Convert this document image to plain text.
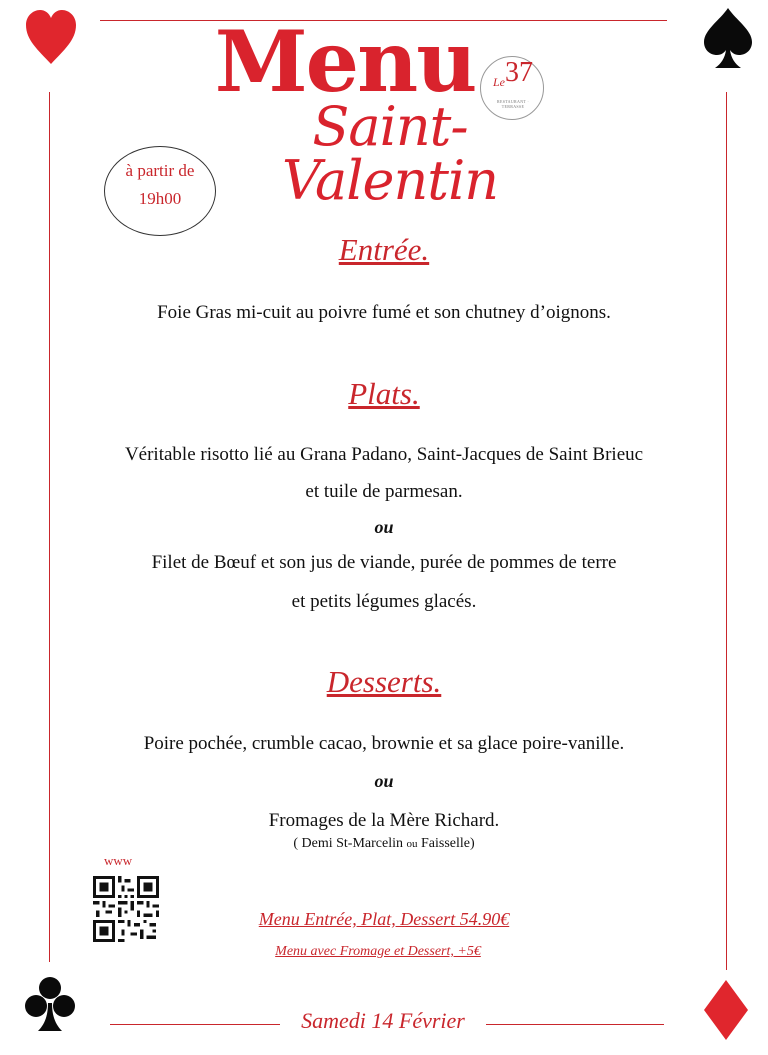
Menu
Saint-Valentin
Le 37
RESTAURANT · TERRASSE
à partir de
19h00
Entrée.
Foie Gras mi-cuit au poivre fumé et son chutney d’oignons.
Plats.
Véritable risotto lié au Grana Padano, Saint-Jacques de Saint Brieuc
et tuile de parmesan.
ou
Filet de Bœuf et son jus de viande, purée de pommes de terre
et petits légumes glacés.
Desserts.
Poire pochée, crumble cacao, brownie et sa glace poire-vanille.
ou
Fromages de la Mère Richard.
( Demi St-Marcelin ou Faisselle)
www
Menu Entrée, Plat, Dessert 54.90€
Menu avec Fromage et Dessert, +5€
Samedi 14 Février
